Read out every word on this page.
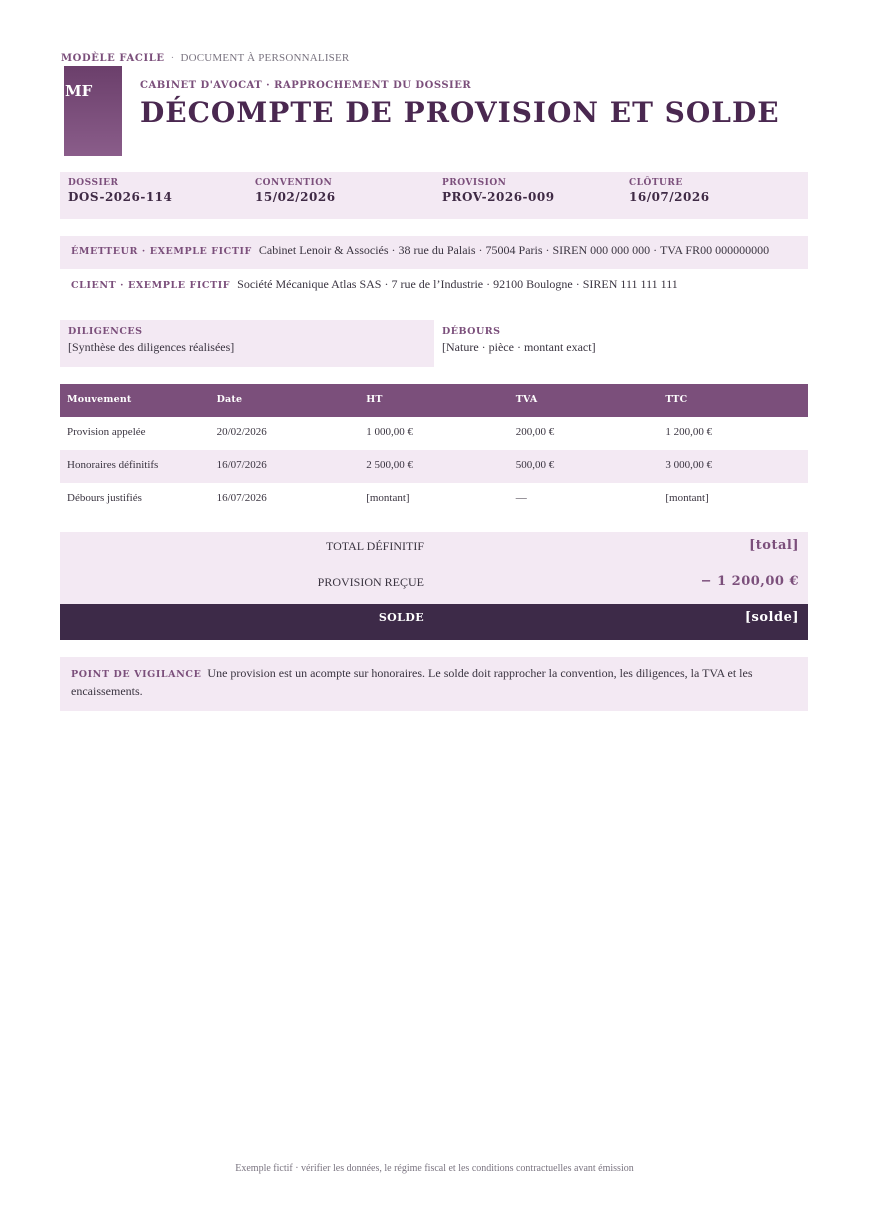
MODÈLE FACILE · DOCUMENT À PERSONNALISER
MF	CABINET D'AVOCAT · RAPPROCHEMENT DU DOSSIER
DÉCOMPTE DE PROVISION ET SOLDE
DOSSIER
DOS-2026-114
CONVENTION
15/02/2026
PROVISION
PROV-2026-009
CLÔTURE
16/07/2026
ÉMETTEUR · EXEMPLE FICTIF Cabinet Lenoir & Associés · 38 rue du Palais · 75004 Paris · SIREN 000 000 000 · TVA FR00 000000000
CLIENT · EXEMPLE FICTIF Société Mécanique Atlas SAS · 7 rue de l’Industrie · 92100 Boulogne · SIREN 111 111 111
DILIGENCES
[Synthèse des diligences réalisées]
DÉBOURS
[Nature · pièce · montant exact]
Mouvement	Date	HT	TVA	TTC
Provision appelée	20/02/2026	1 000,00 €	200,00 €	1 200,00 €
Honoraires définitifs	16/07/2026	2 500,00 €	500,00 €	3 000,00 €
Débours justifiés	16/07/2026	[montant]	—	[montant]
TOTAL DÉFINITIF	[total]
PROVISION REÇUE	− 1 200,00 €
SOLDE	[solde]
POINT DE VIGILANCE Une provision est un acompte sur honoraires. Le solde doit rapprocher la convention, les diligences, la TVA et les encaissements.
Exemple fictif · vérifier les données, le régime fiscal et les conditions contractuelles avant émission
